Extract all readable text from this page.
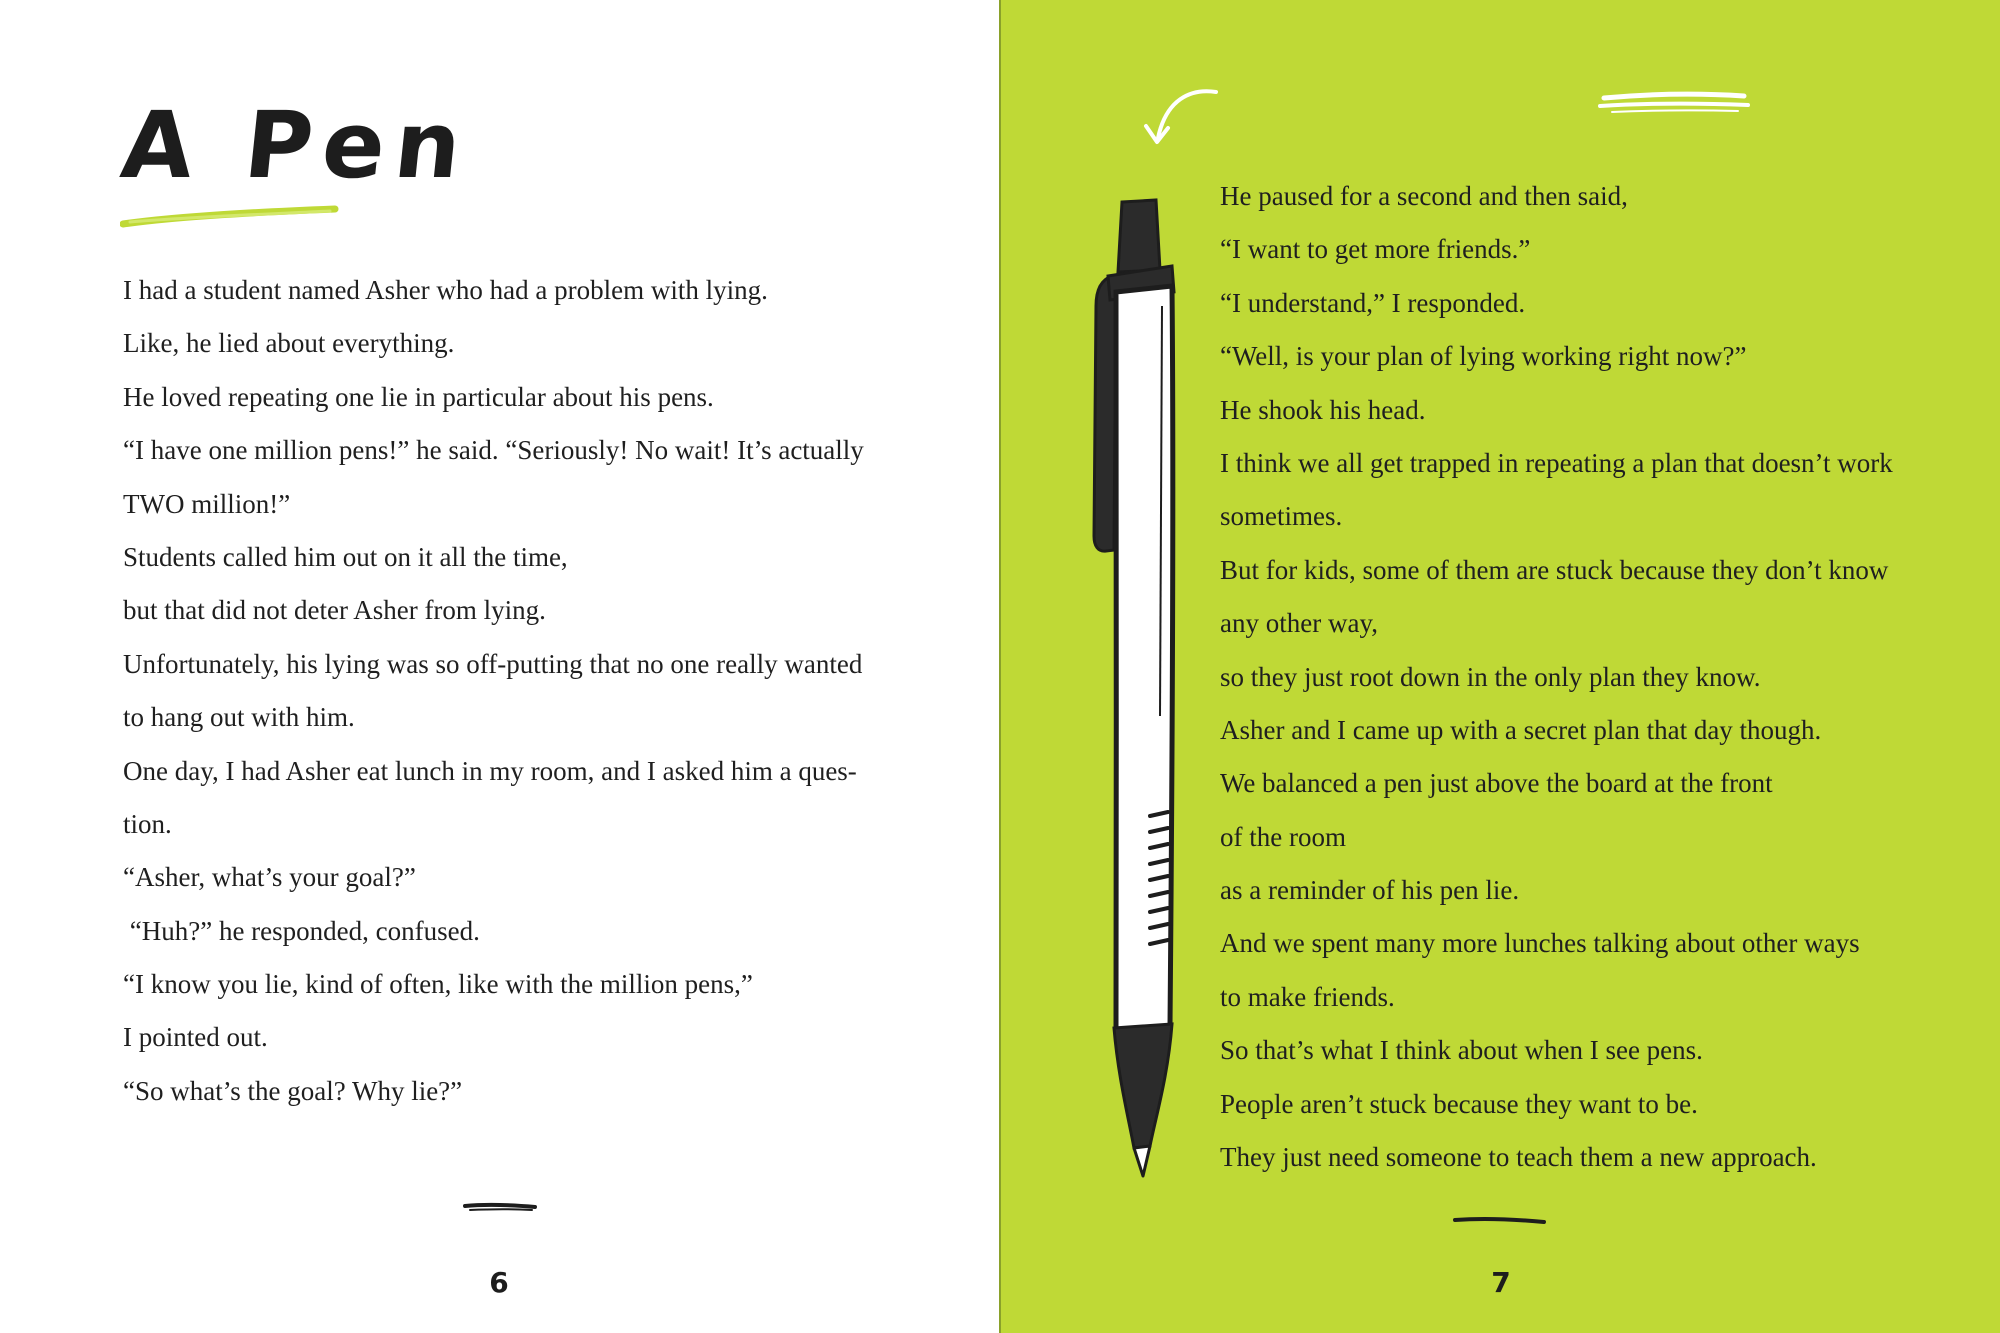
A Pen
I had a student named Asher who had a problem with lying.
Like, he lied about everything.
He loved repeating one lie in particular about his pens.
“I have one million pens!” he said. “Seriously! No wait! It’s actually
TWO million!”
Students called him out on it all the time,
but that did not deter Asher from lying.
Unfortunately, his lying was so off-putting that no one really wanted
to hang out with him.
One day, I had Asher eat lunch in my room, and I asked him a ques-
tion.
“Asher, what’s your goal?”
“Huh?” he responded, confused.
“I know you lie, kind of often, like with the million pens,”
I pointed out.
“So what’s the goal? Why lie?”
6	7
He paused for a second and then said,
“I want to get more friends.”
“I understand,” I responded.
“Well, is your plan of lying working right now?”
He shook his head.
I think we all get trapped in repeating a plan that doesn’t work
sometimes.
But for kids, some of them are stuck because they don’t know
any other way,
so they just root down in the only plan they know.
Asher and I came up with a secret plan that day though.
We balanced a pen just above the board at the front
of the room
as a reminder of his pen lie.
And we spent many more lunches talking about other ways
to make friends.
So that’s what I think about when I see pens.
People aren’t stuck because they want to be.
They just need someone to teach them a new approach.
